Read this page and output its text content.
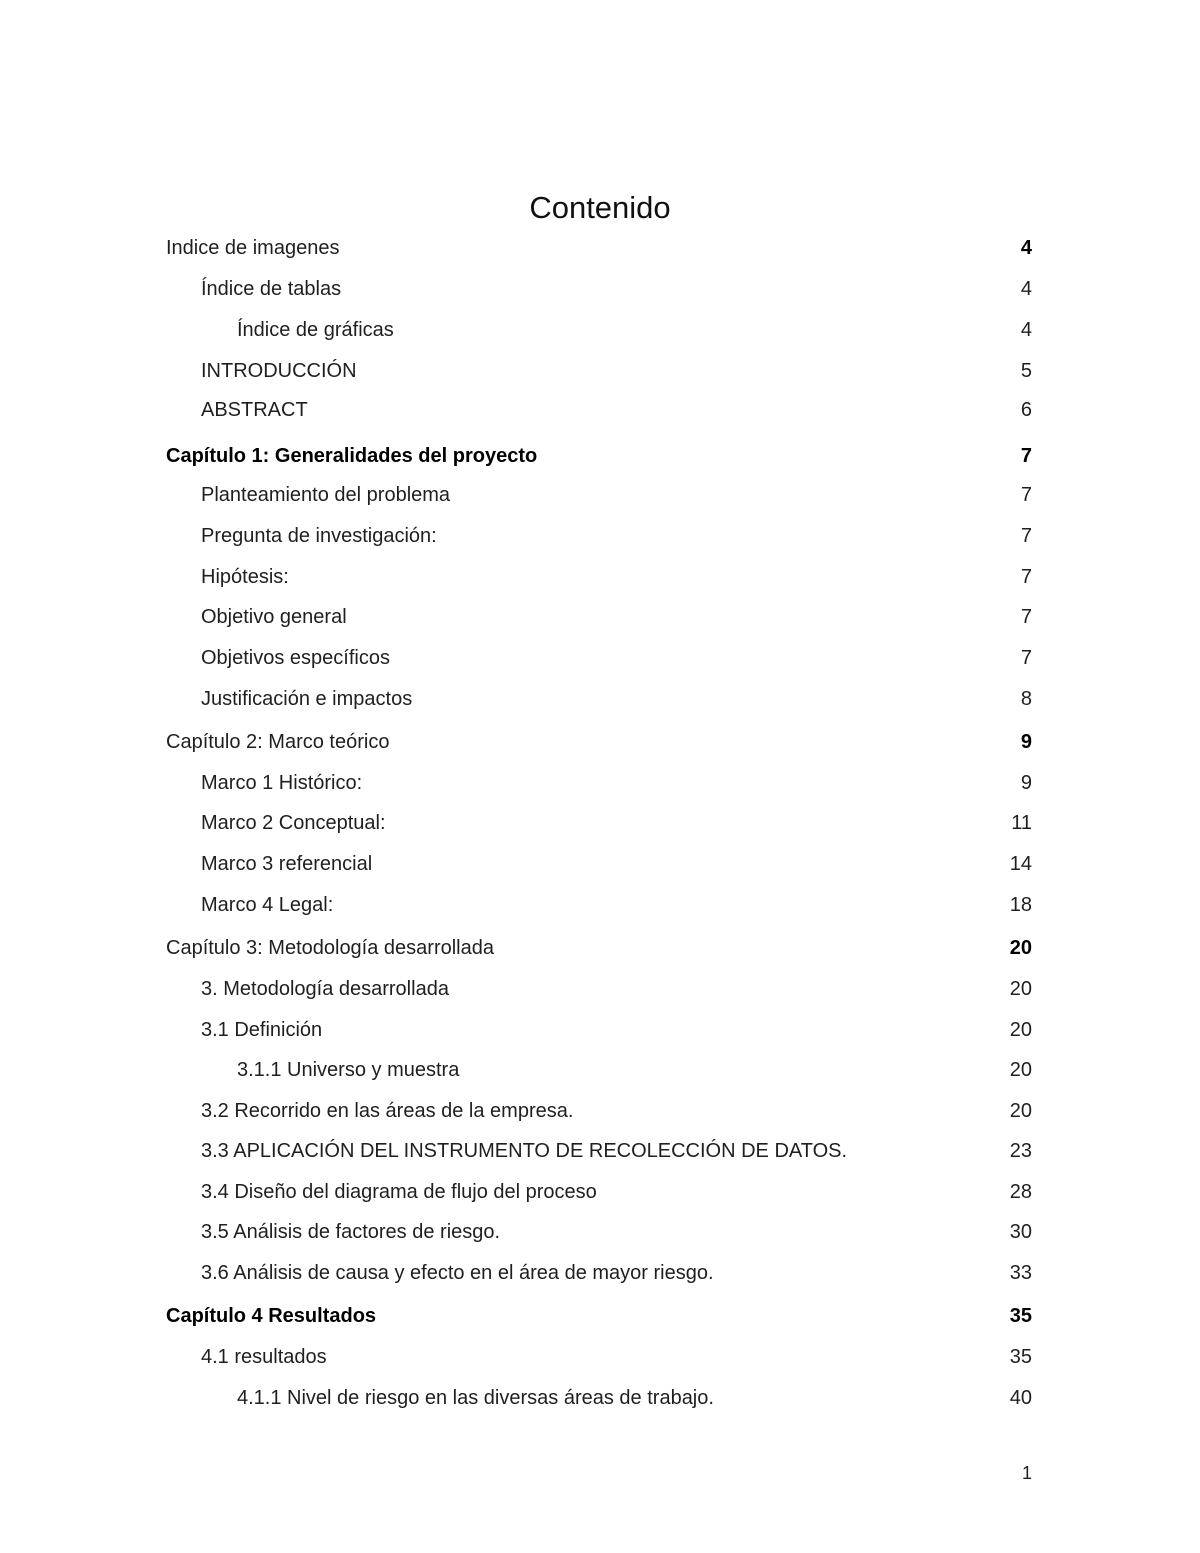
Contenido
Indice de imagenes	4
Índice de tablas	4
Índice de gráficas	4
INTRODUCCIÓN	5
ABSTRACT	6
Capítulo 1: Generalidades del proyecto	7
Planteamiento del problema	7
Pregunta de investigación:	7
Hipótesis:	7
Objetivo general	7
Objetivos específicos	7
Justificación e impactos	8
Capítulo 2: Marco teórico	9
Marco 1 Histórico:	9
Marco 2 Conceptual:	11
Marco 3 referencial	14
Marco 4 Legal:	18
Capítulo 3: Metodología desarrollada	20
3. Metodología desarrollada	20
3.1 Definición	20
3.1.1 Universo y muestra	20
3.2 Recorrido en las áreas de la empresa.	20
3.3 APLICACIÓN DEL INSTRUMENTO DE RECOLECCIÓN DE DATOS.	23
3.4 Diseño del diagrama de flujo del proceso	28
3.5 Análisis de factores de riesgo.	30
3.6 Análisis de causa y efecto en el área de mayor riesgo.	33
Capítulo 4 Resultados	35
4.1 resultados	35
4.1.1 Nivel de riesgo en las diversas áreas de trabajo.	40
1
